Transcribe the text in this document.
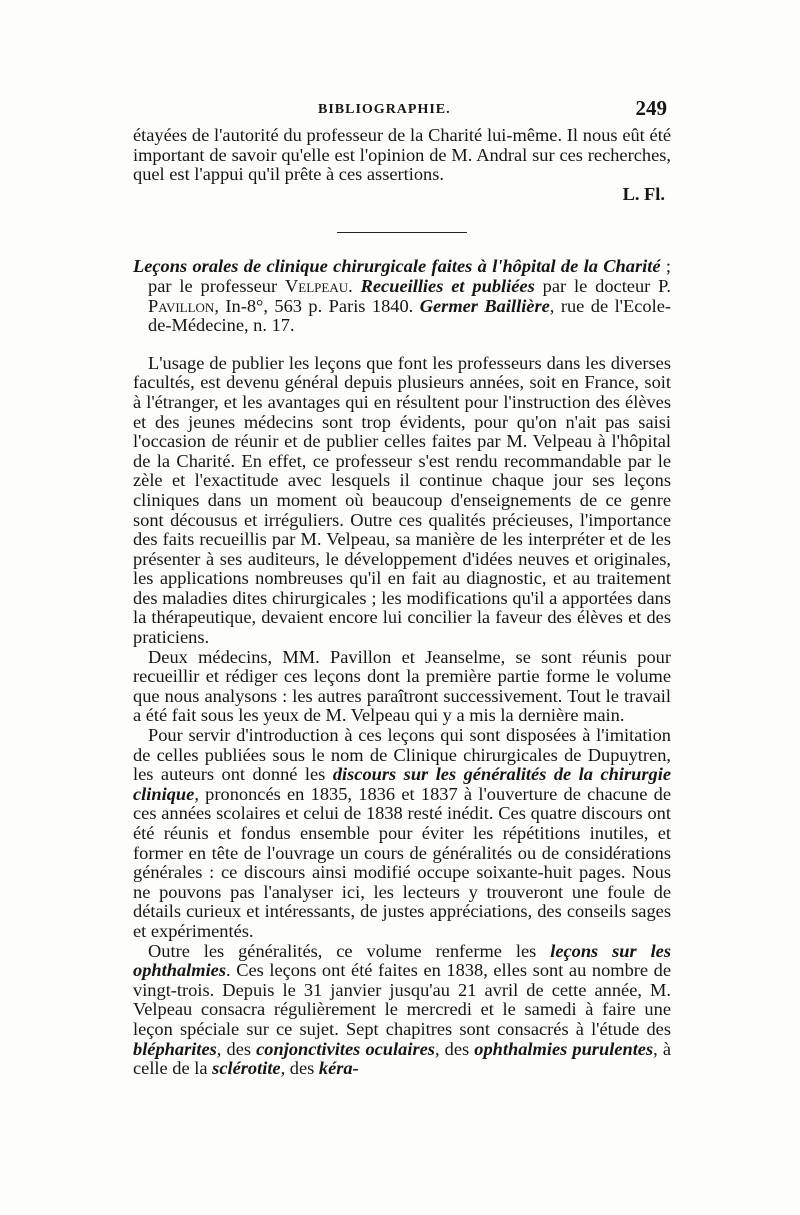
BIBLIOGRAPHIE.	249

étayées de l'autorité du professeur de la Charité lui-même. Il nous eût été important de savoir qu'elle est l'opinion de M. Andral sur ces recherches, quel est l'appui qu'il prête à ces assertions.

L. Fl.

Leçons orales de clinique chirurgicale faites à l'hôpital de la Charité ; par le professeur Velpeau. Recueillies et publiées par le docteur P. Pavillon, In-8°, 563 p. Paris 1840. Germer Baillière, rue de l'Ecole-de-Médecine, n. 17.

L'usage de publier les leçons que font les professeurs dans les diverses facultés, est devenu général depuis plusieurs années, soit en France, soit à l'étranger, et les avantages qui en résultent pour l'instruction des élèves et des jeunes médecins sont trop évidents, pour qu'on n'ait pas saisi l'occasion de réunir et de publier celles faites par M. Velpeau à l'hôpital de la Charité. En effet, ce professeur s'est rendu recommandable par le zèle et l'exactitude avec lesquels il continue chaque jour ses leçons cliniques dans un moment où beaucoup d'enseignements de ce genre sont décousus et irréguliers. Outre ces qualités précieuses, l'importance des faits recueillis par M. Velpeau, sa manière de les interpréter et de les présenter à ses auditeurs, le développement d'idées neuves et originales, les applications nombreuses qu'il en fait au diagnostic, et au traitement des maladies dites chirurgicales ; les modifications qu'il a apportées dans la thérapeutique, devaient encore lui concilier la faveur des élèves et des praticiens.

Deux médecins, MM. Pavillon et Jeanselme, se sont réunis pour recueillir et rédiger ces leçons dont la première partie forme le volume que nous analysons : les autres paraîtront successivement. Tout le travail a été fait sous les yeux de M. Velpeau qui y a mis la dernière main.

Pour servir d'introduction à ces leçons qui sont disposées à l'imitation de celles publiées sous le nom de Clinique chirurgicales de Dupuytren, les auteurs ont donné les discours sur les généralités de la chirurgie clinique, prononcés en 1835, 1836 et 1837 à l'ouverture de chacune de ces années scolaires et celui de 1838 resté inédit. Ces quatre discours ont été réunis et fondus ensemble pour éviter les répétitions inutiles, et former en tête de l'ouvrage un cours de généralités ou de considérations générales : ce discours ainsi modifié occupe soixante-huit pages. Nous ne pouvons pas l'analyser ici, les lecteurs y trouveront une foule de détails curieux et intéressants, de justes appréciations, des conseils sages et expérimentés.

Outre les généralités, ce volume renferme les leçons sur les ophthalmies. Ces leçons ont été faites en 1838, elles sont au nombre de vingt-trois. Depuis le 31 janvier jusqu'au 21 avril de cette année, M. Velpeau consacra régulièrement le mercredi et le samedi à faire une leçon spéciale sur ce sujet. Sept chapitres sont consacrés à l'étude des blépharites, des conjonctivites oculaires, des ophthalmies purulentes, à celle de la sclérotite, des kéra-
